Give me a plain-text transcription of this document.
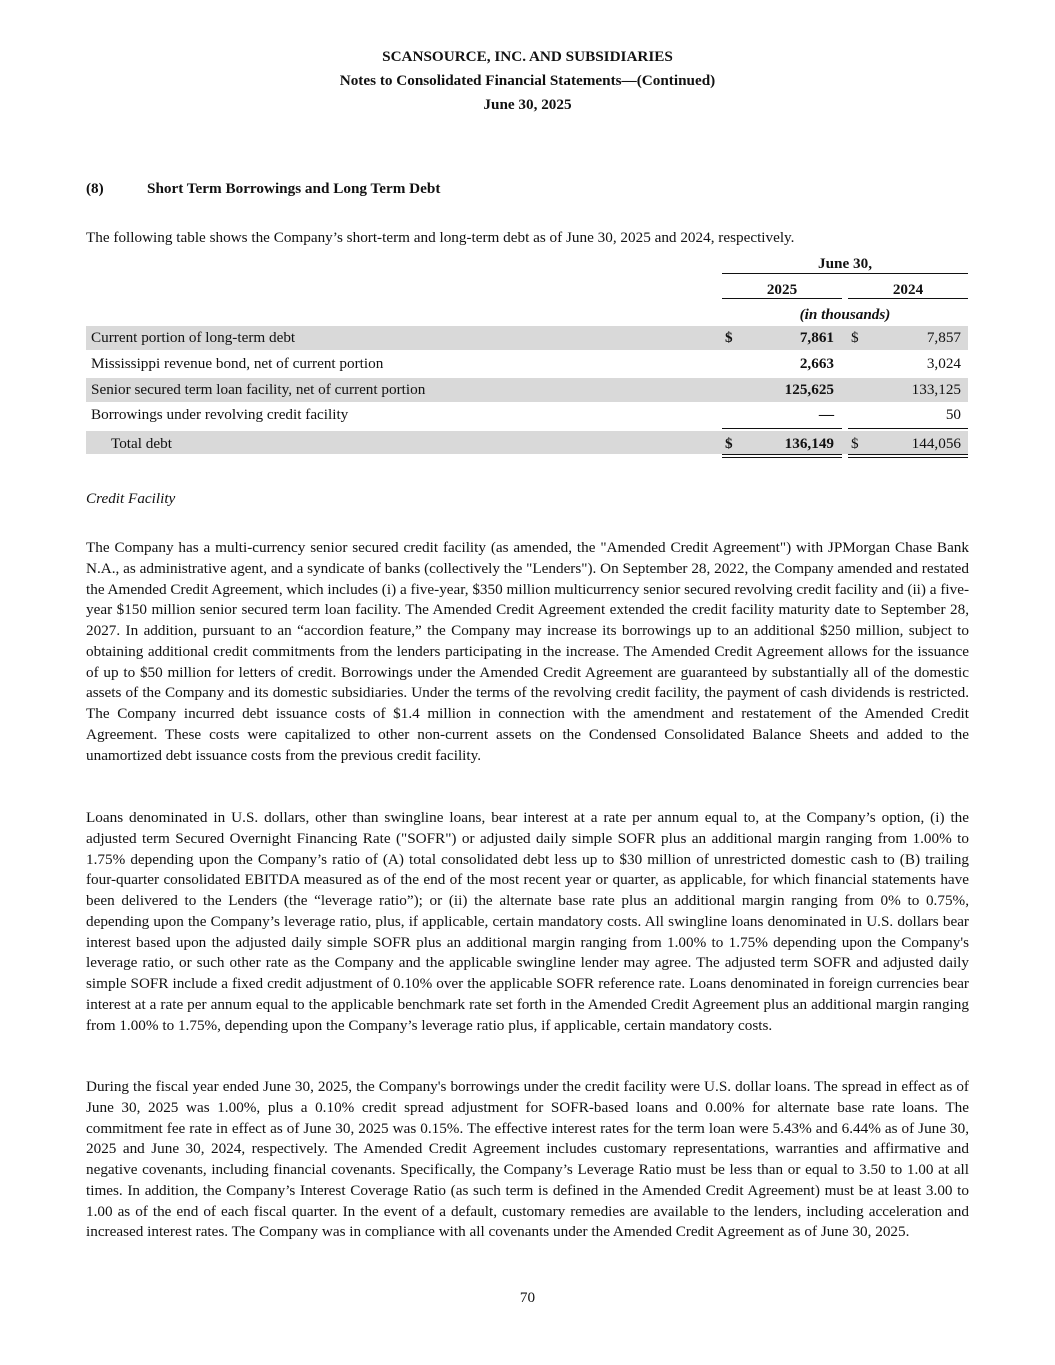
SCANSOURCE, INC. AND SUBSIDIARIES
Notes to Consolidated Financial Statements—(Continued)
June 30, 2025
(8)	Short Term Borrowings and Long Term Debt
The following table shows the Company’s short-term and long-term debt as of June 30, 2025 and 2024, respectively.
June 30,
2025	2024
(in thousands)
Current portion of long-term debt	$	7,861 $	7,857
Mississippi revenue bond, net of current portion	2,663	3,024
Senior secured term loan facility, net of current portion	125,625	133,125
Borrowings under revolving credit facility	—	50
Total debt	$	136,149 $	144,056
Credit Facility

The Company has a multi-currency senior secured credit facility (as amended, the "Amended Credit Agreement") with JPMorgan Chase Bank N.A., as administrative agent, and a syndicate of banks (collectively the "Lenders"). On September 28, 2022, the Company amended and restated the Amended Credit Agreement, which includes (i) a five-year, $350 million multicurrency senior secured revolving credit facility and (ii) a five-year $150 million senior secured term loan facility. The Amended Credit Agreement extended the credit facility maturity date to September 28, 2027. In addition, pursuant to an “accordion feature,” the Company may increase its borrowings up to an additional $250 million, subject to obtaining additional credit commitments from the lenders participating in the increase. The Amended Credit Agreement allows for the issuance of up to $50 million for letters of credit. Borrowings under the Amended Credit Agreement are guaranteed by substantially all of the domestic assets of the Company and its domestic subsidiaries. Under the terms of the revolving credit facility, the payment of cash dividends is restricted. The Company incurred debt issuance costs of $1.4 million in connection with the amendment and restatement of the Amended Credit Agreement. These costs were capitalized to other non-current assets on the Condensed Consolidated Balance Sheets and added to the unamortized debt issuance costs from the previous credit facility.

Loans denominated in U.S. dollars, other than swingline loans, bear interest at a rate per annum equal to, at the Company’s option, (i) the adjusted term Secured Overnight Financing Rate ("SOFR") or adjusted daily simple SOFR plus an additional margin ranging from 1.00% to 1.75% depending upon the Company’s ratio of (A) total consolidated debt less up to $30 million of unrestricted domestic cash to (B) trailing four-quarter consolidated EBITDA measured as of the end of the most recent year or quarter, as applicable, for which financial statements have been delivered to the Lenders (the “leverage ratio”); or (ii) the alternate base rate plus an additional margin ranging from 0% to 0.75%, depending upon the Company’s leverage ratio, plus, if applicable, certain mandatory costs. All swingline loans denominated in U.S. dollars bear interest based upon the adjusted daily simple SOFR plus an additional margin ranging from 1.00% to 1.75% depending upon the Company's leverage ratio, or such other rate as the Company and the applicable swingline lender may agree. The adjusted term SOFR and adjusted daily simple SOFR include a fixed credit adjustment of 0.10% over the applicable SOFR reference rate. Loans denominated in foreign currencies bear interest at a rate per annum equal to the applicable benchmark rate set forth in the Amended Credit Agreement plus an additional margin ranging from 1.00% to 1.75%, depending upon the Company’s leverage ratio plus, if applicable, certain mandatory costs.

During the fiscal year ended June 30, 2025, the Company's borrowings under the credit facility were U.S. dollar loans. The spread in effect as of June 30, 2025 was 1.00%, plus a 0.10% credit spread adjustment for SOFR-based loans and 0.00% for alternate base rate loans. The commitment fee rate in effect as of June 30, 2025 was 0.15%. The effective interest rates for the term loan were 5.43% and 6.44% as of June 30, 2025 and June 30, 2024, respectively. The Amended Credit Agreement includes customary representations, warranties and affirmative and negative covenants, including financial covenants. Specifically, the Company’s Leverage Ratio must be less than or equal to 3.50 to 1.00 at all times. In addition, the Company’s Interest Coverage Ratio (as such term is defined in the Amended Credit Agreement) must be at least 3.00 to 1.00 as of the end of each fiscal quarter. In the event of a default, customary remedies are available to the lenders, including acceleration and increased interest rates. The Company was in compliance with all covenants under the Amended Credit Agreement as of June 30, 2025.

70
